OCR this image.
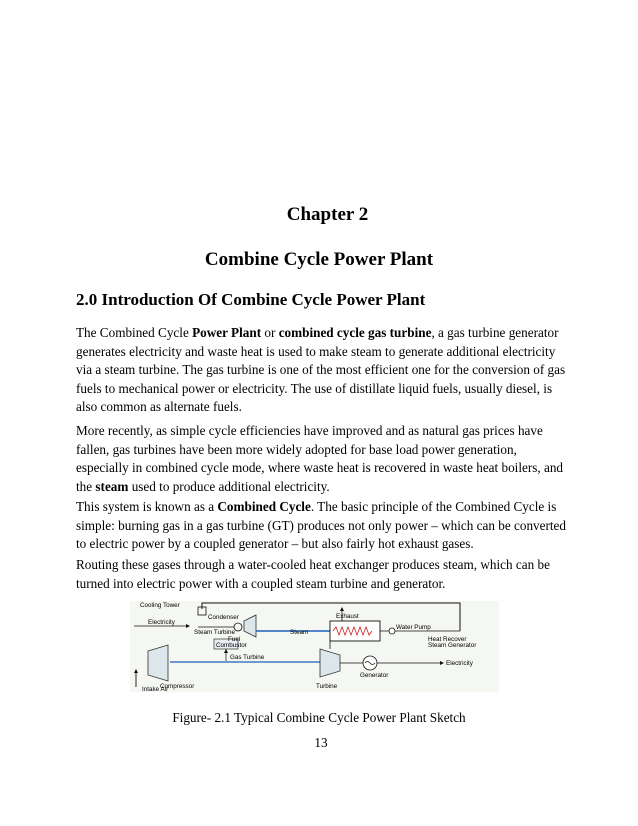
Chapter 2
Combine Cycle Power Plant
2.0 Introduction Of Combine Cycle Power Plant
The Combined Cycle Power Plant or combined cycle gas turbine, a gas turbine generator generates electricity and waste heat is used to make steam to generate additional electricity via a steam turbine. The gas turbine is one of the most efficient one for the conversion of gas fuels to mechanical power or electricity. The use of distillate liquid fuels, usually diesel, is also common as alternate fuels.
More recently, as simple cycle efficiencies have improved and as natural gas prices have fallen, gas turbines have been more widely adopted for base load power generation, especially in combined cycle mode, where waste heat is recovered in waste heat boilers, and the steam used to produce additional electricity.
This system is known as a Combined Cycle. The basic principle of the Combined Cycle is simple: burning gas in a gas turbine (GT) produces not only power – which can be converted to electric power by a coupled generator – but also fairly hot exhaust gases.
Routing these gases through a water-cooled heat exchanger produces steam, which can be turned into electric power with a coupled steam turbine and generator.
Cooling Tower
Condenser
Electricity
Steam Turbine	Steam
Exhaust
Water Pump
Fuel
Combustor
Heat Recover
Steam Generator
Gas Turbine
Electricity
Generator
Compressor	Turbine
Intake Air
Figure- 2.1 Typical Combine Cycle Power Plant Sketch
13
